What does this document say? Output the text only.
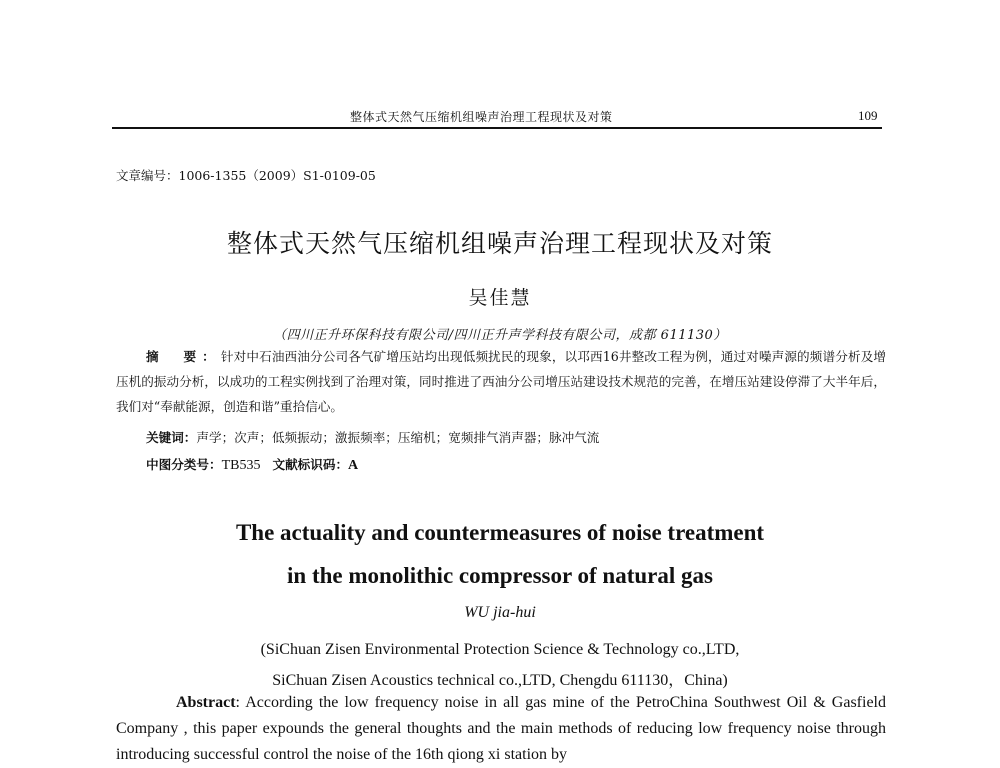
整体式天然气压缩机组噪声治理工程现状及对策	109
文章编号：1006-1355（2009）S1-0109-05
整体式天然气压缩机组噪声治理工程现状及对策
吴佳慧
（四川正升环保科技有限公司/四川正升声学科技有限公司，成都 611130）
摘　要：针对中石油西油分公司各气矿增压站均出现低频扰民的现象，以邛西16井整改工程为例，通过对噪声源的频谱分析及增压机的振动分析，以成功的工程实例找到了治理对策，同时推进了西油分公司增压站建设技术规范的完善，在增压站建设停滞了大半年后，我们对“奉献能源，创造和谐”重拾信心。
关键词：声学；次声；低频振动；激振频率；压缩机；宽频排气消声器；脉冲气流
中图分类号：TB535 文献标识码：A
The actuality and countermeasures of noise treatment
in the monolithic compressor of natural gas
WU jia-hui
(SiChuan Zisen Environmental Protection Science & Technology co.,LTD,
SiChuan Zisen Acoustics technical co.,LTD, Chengdu 611130，China)
Abstract: According the low frequency noise in all gas mine of the PetroChina Southwest Oil & Gasfield Company , this paper expounds the general thoughts and the main methods of reducing low frequency noise through introducing successful control the noise of the 16th qiong xi station by
